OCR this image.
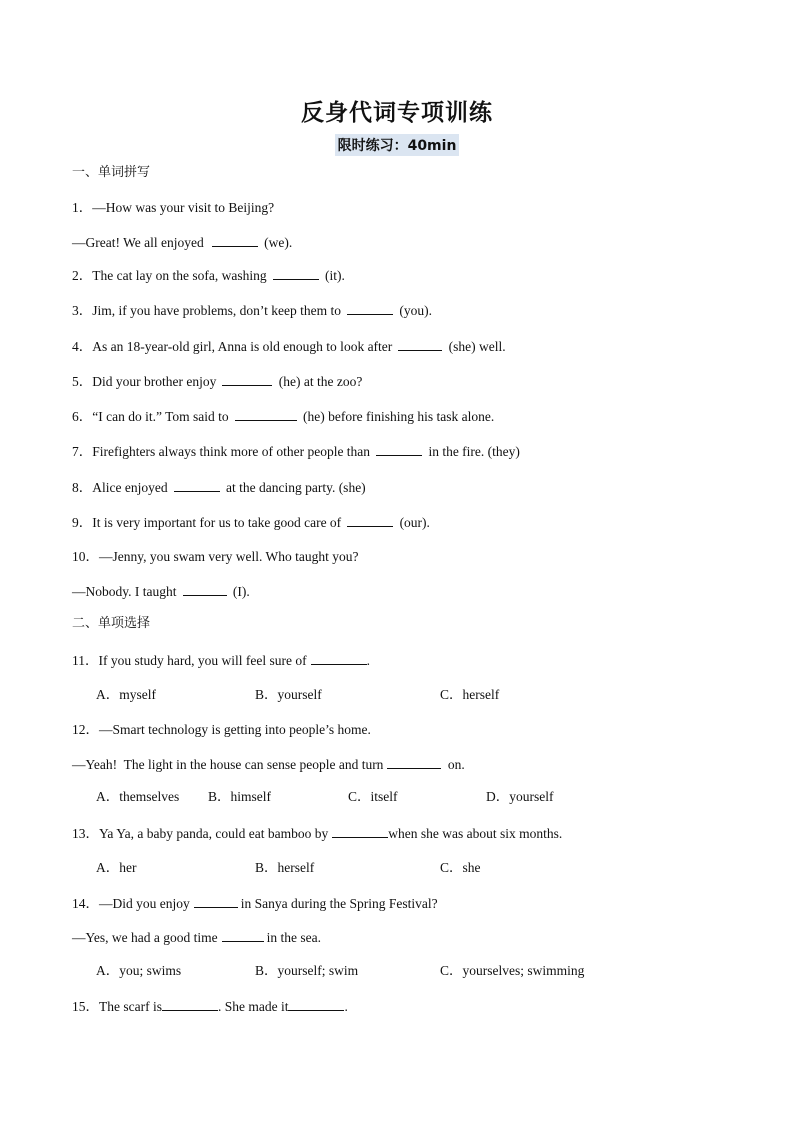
反身代词专项训练
限时练习：40min
一、单词拼写
1．—How was your visit to Beijing?
—Great! We all enjoyed	(we).
2．The cat lay on the sofa, washing	(it).
3．Jim, if you have problems, don’t keep them to	(you).
4．As an 18-year-old girl, Anna is old enough to look after	(she) well.
5．Did your brother enjoy	(he) at the zoo?
6．“I can do it.” Tom said to	(he) before finishing his task alone.
7．Firefighters always think more of other people than	in the fire. (they)
8．Alice enjoyed	at the dancing party. (she)
9．It is very important for us to take good care of	(our).
10．—Jenny, you swam very well. Who taught you?
—Nobody. I taught	(I).
二、单项选择
11．If you study hard, you will feel sure of	.
A．myself	B．yourself	C．herself
12．—Smart technology is getting into people’s home.
—Yeah!  The light in the house can sense people and turn	on.
A．themselves B．himself	C．itself	D．yourself
13．Ya Ya, a baby panda, could eat bamboo by	when she was about six months.
A．her	B．herself	C．she
14．—Did you enjoy	in Sanya during the Spring Festival?
—Yes, we had a good time	in the sea.
A．you; swims	B．yourself; swim	C．yourselves; swimming
15．The scarf is	. She made it	.
